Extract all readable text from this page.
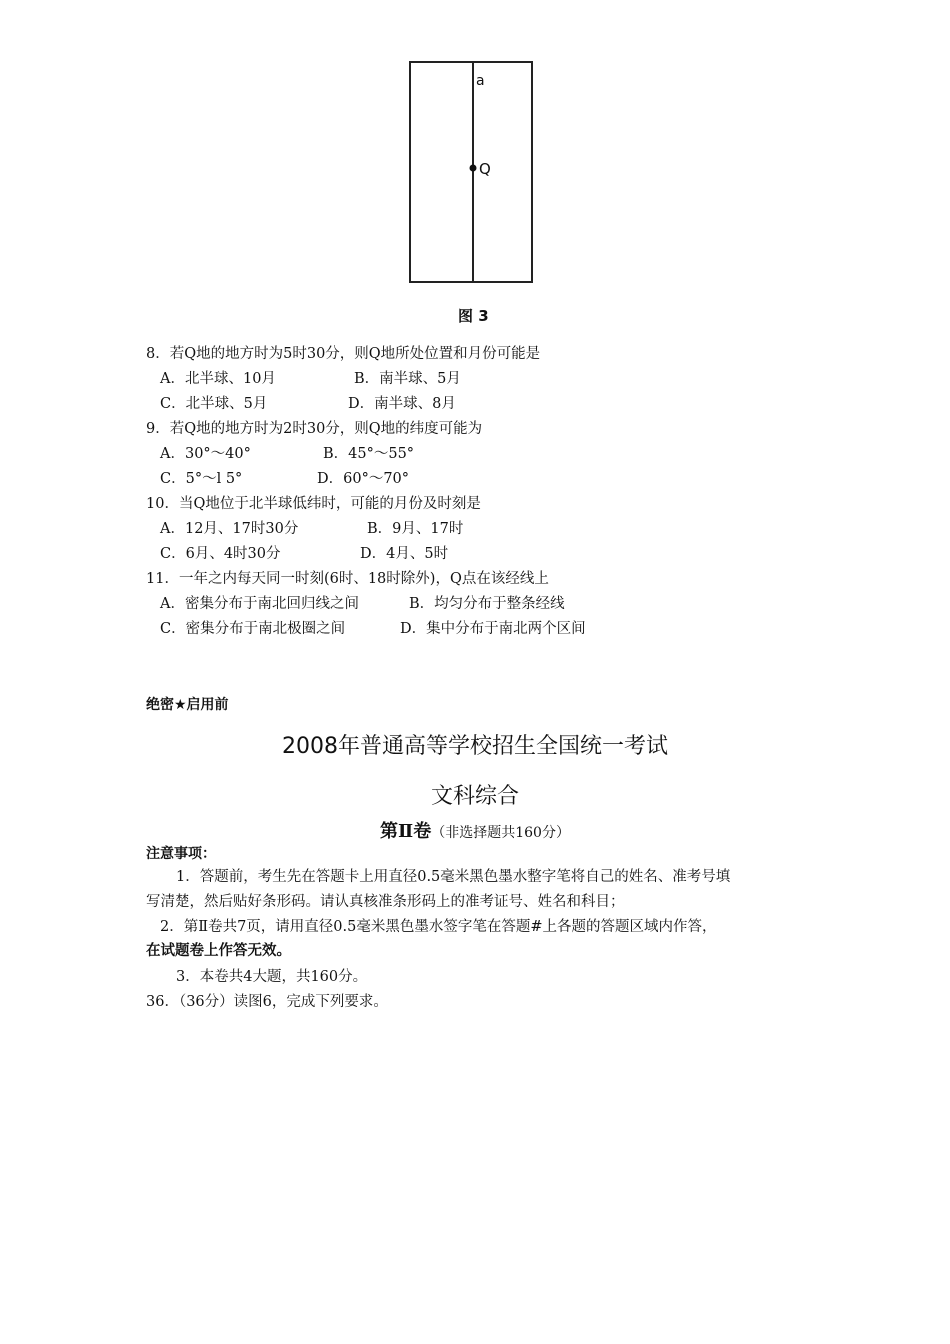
a
Q
图 3
8．若Q地的地方时为5时30分，则Q地所处位置和月份可能是
A．北半球、10月	B．南半球、5月
C．北半球、5月	D．南半球、8月
9．若Q地的地方时为2时30分，则Q地的纬度可能为
A．30°～40°	B．45°～55°
C．5°～l 5°	D．60°～70°
10．当Q地位于北半球低纬时，可能的月份及时刻是
A．12月、17时30分	B．9月、17时
C．6月、4时30分	D．4月、5时
11．一年之内每天同一时刻(6时、18时除外)，Q点在该经线上
A．密集分布于南北回归线之间	B．均匀分布于整条经线
C．密集分布于南北极圈之间	D．集中分布于南北两个区间
绝密★启用前
2008年普通高等学校招生全国统一考试
文科综合
第Ⅱ卷（非选择题共160分）
注意事项：
1．答题前，考生先在答题卡上用直径0.5毫米黑色墨水整字笔将自己的姓名、准考号填
写清楚，然后贴好条形码。请认真核准条形码上的准考证号、姓名和科目；
2．第Ⅱ卷共7页，请用直径0.5毫米黑色墨水签字笔在答题#上各题的答题区域内作答，
在试题卷上作答无效。
3．本卷共4大题，共160分。
36．（36分）读图6，完成下列要求。
